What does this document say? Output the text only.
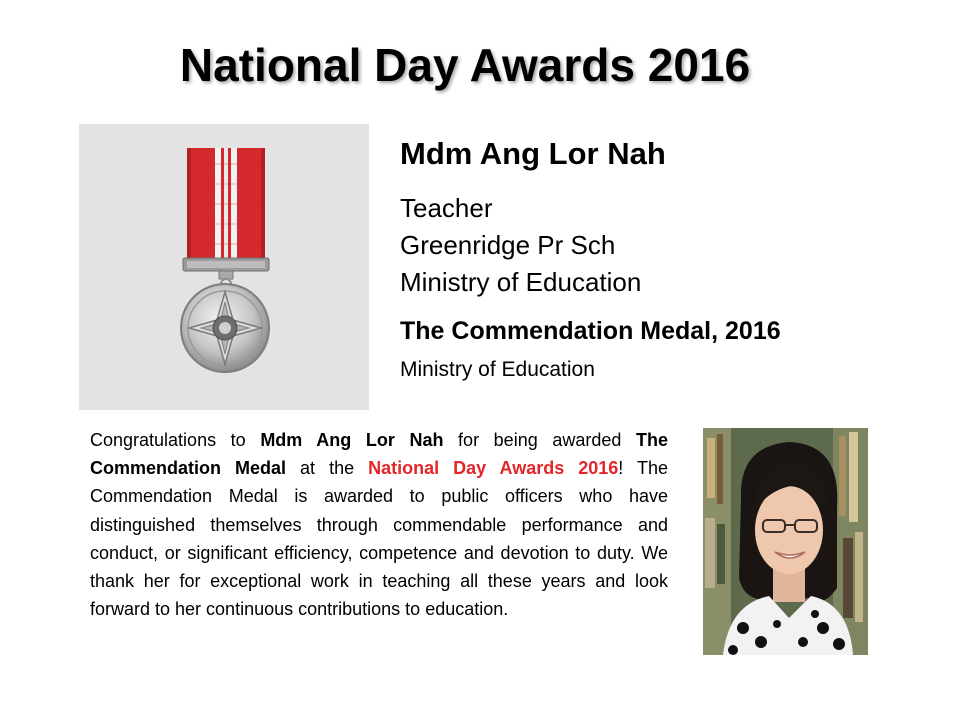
National Day Awards 2016
Mdm Ang Lor Nah
Teacher
Greenridge Pr Sch
Ministry of Education
The Commendation Medal, 2016
Ministry of Education
Congratulations to Mdm Ang Lor Nah for being awarded The Commendation Medal at the National Day Awards 2016! The Commendation Medal is awarded to public officers who have distinguished themselves through commendable performance and conduct, or significant efficiency, competence and devotion to duty. We thank her for exceptional work in teaching all these years and look forward to her continuous contributions to education.
